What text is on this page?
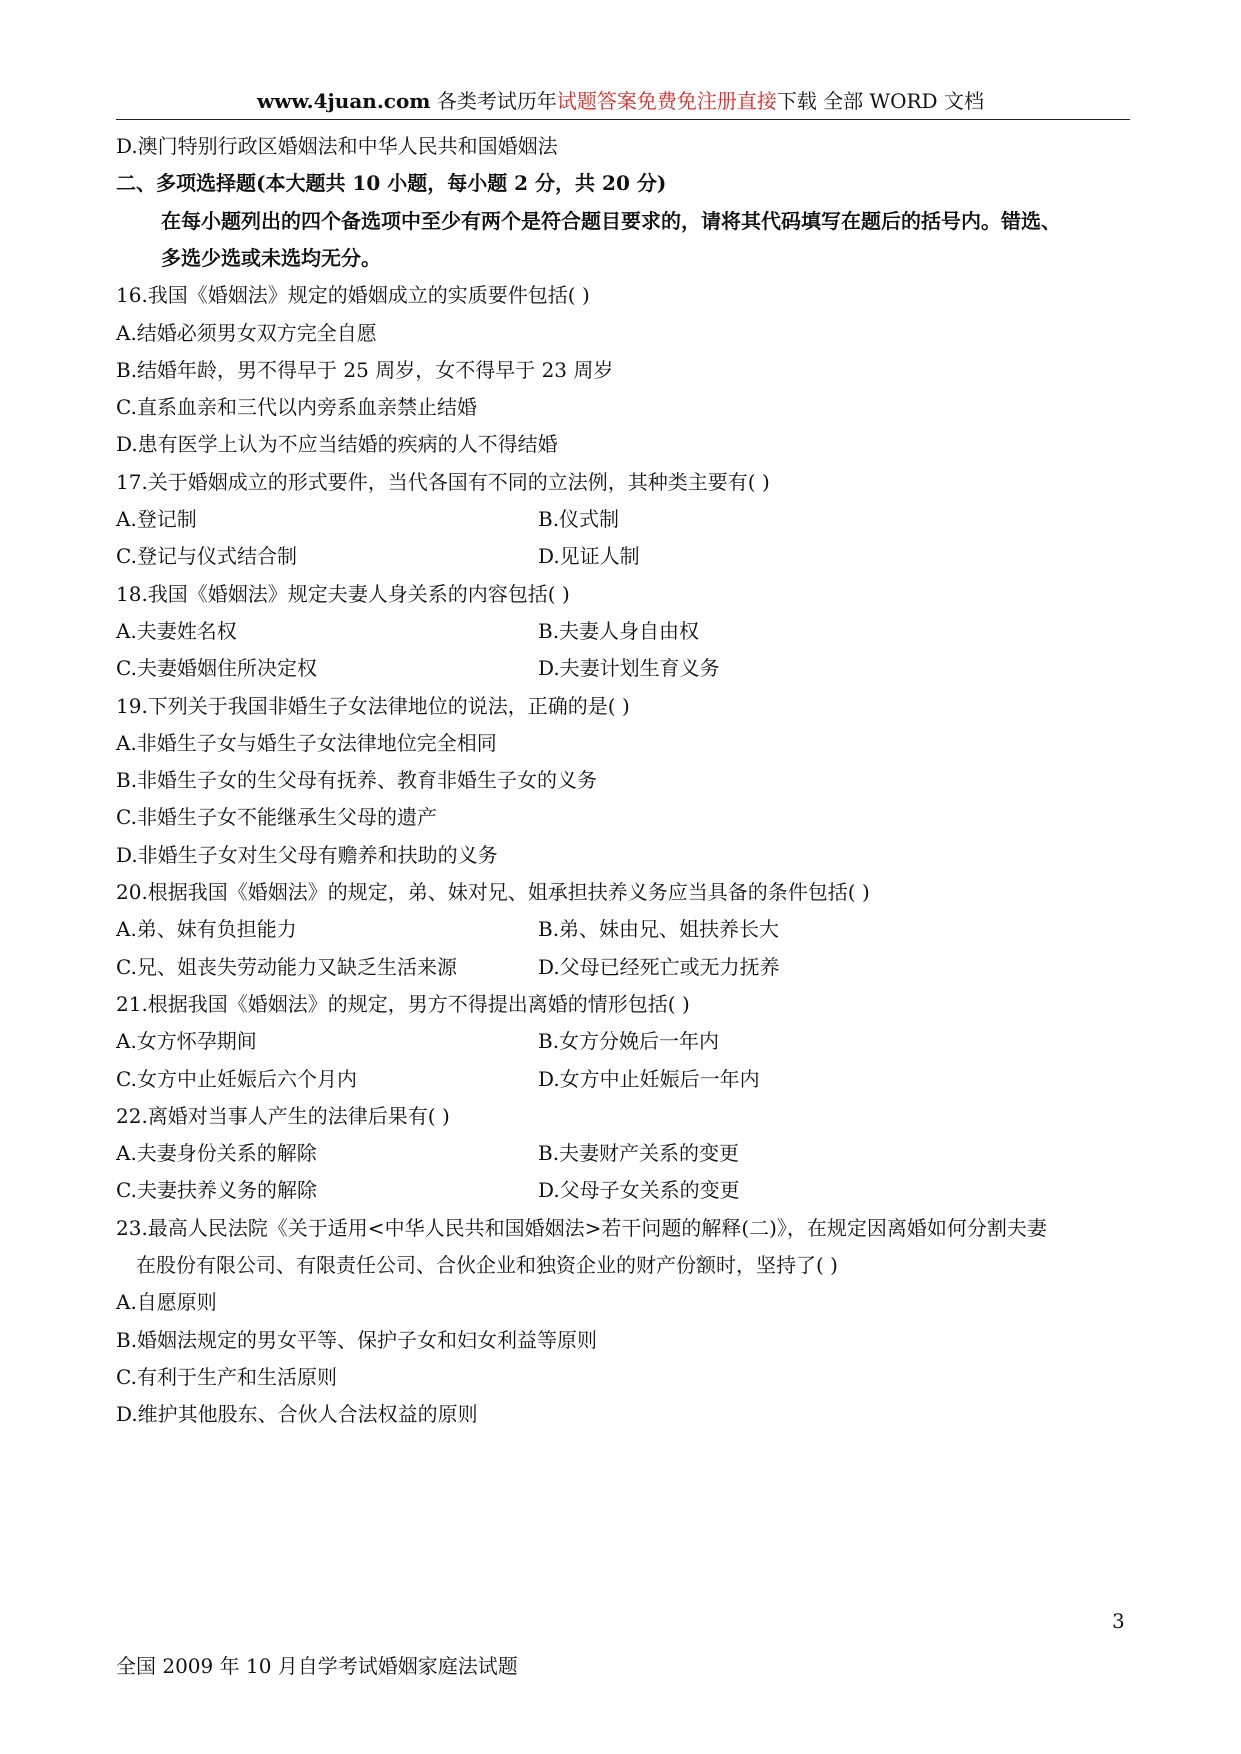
www.4juan.com 各类考试历年试题答案免费免注册直接下载 全部 WORD 文档
D.澳门特别行政区婚姻法和中华人民共和国婚姻法
二、多项选择题(本大题共 10 小题，每小题 2 分，共 20 分)
在每小题列出的四个备选项中至少有两个是符合题目要求的，请将其代码填写在题后的括号内。错选、
多选少选或未选均无分。
16.我国《婚姻法》规定的婚姻成立的实质要件包括( )
A.结婚必须男女双方完全自愿
B.结婚年龄，男不得早于 25 周岁，女不得早于 23 周岁
C.直系血亲和三代以内旁系血亲禁止结婚
D.患有医学上认为不应当结婚的疾病的人不得结婚
17.关于婚姻成立的形式要件，当代各国有不同的立法例，其种类主要有( )
A.登记制	B.仪式制
C.登记与仪式结合制	D.见证人制
18.我国《婚姻法》规定夫妻人身关系的内容包括( )
A.夫妻姓名权	B.夫妻人身自由权
C.夫妻婚姻住所决定权	D.夫妻计划生育义务
19.下列关于我国非婚生子女法律地位的说法，正确的是( )
A.非婚生子女与婚生子女法律地位完全相同
B.非婚生子女的生父母有抚养、教育非婚生子女的义务
C.非婚生子女不能继承生父母的遗产
D.非婚生子女对生父母有赡养和扶助的义务
20.根据我国《婚姻法》的规定，弟、妹对兄、姐承担扶养义务应当具备的条件包括( )
A.弟、妹有负担能力	B.弟、妹由兄、姐扶养长大
C.兄、姐丧失劳动能力又缺乏生活来源	D.父母已经死亡或无力抚养
21.根据我国《婚姻法》的规定，男方不得提出离婚的情形包括( )
A.女方怀孕期间	B.女方分娩后一年内
C.女方中止妊娠后六个月内	D.女方中止妊娠后一年内
22.离婚对当事人产生的法律后果有( )
A.夫妻身份关系的解除	B.夫妻财产关系的变更
C.夫妻扶养义务的解除	D.父母子女关系的变更
23.最高人民法院《关于适用<中华人民共和国婚姻法>若干问题的解释(二)》，在规定因离婚如何分割夫妻
在股份有限公司、有限责任公司、合伙企业和独资企业的财产份额时，坚持了( )
A.自愿原则
B.婚姻法规定的男女平等、保护子女和妇女利益等原则
C.有利于生产和生活原则
D.维护其他股东、合伙人合法权益的原则
3
全国 2009 年 10 月自学考试婚姻家庭法试题
